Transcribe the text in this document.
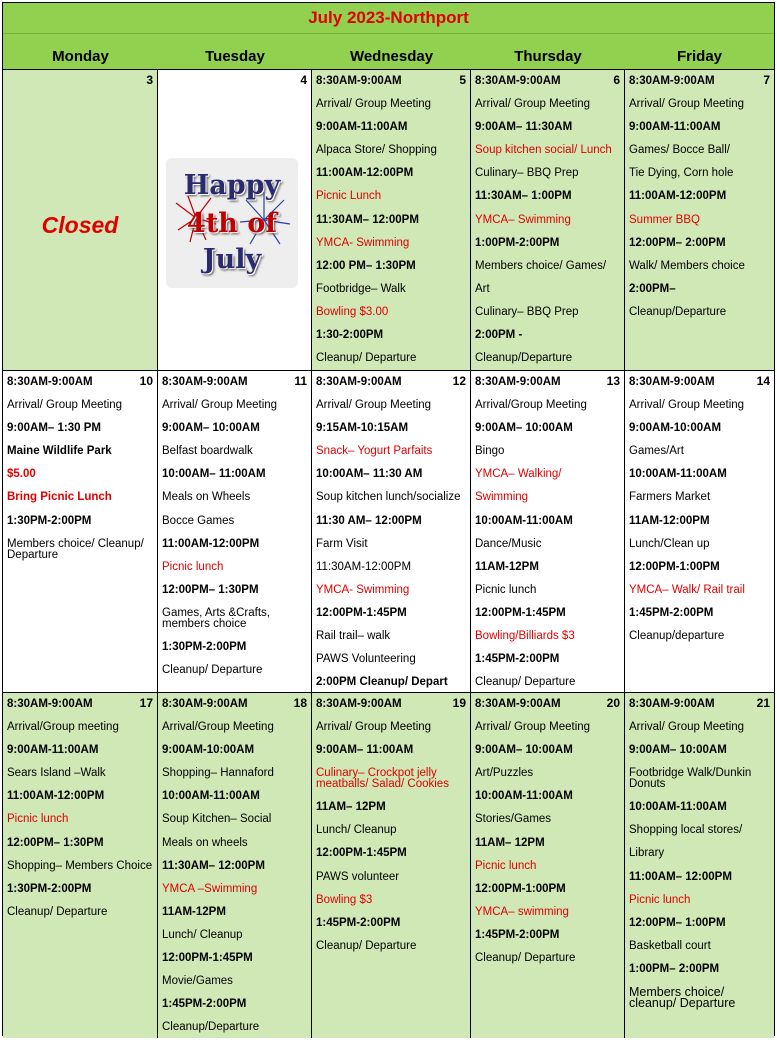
July 2023-Northport
Monday	Tuesday	Wednesday	Thursday	Friday
3
Closed
4
Happy
4th of
July
5
8:30AM-9:00AM
Arrival/ Group Meeting
9:00AM-11:00AM
Alpaca Store/ Shopping
11:00AM-12:00PM
Picnic Lunch
11:30AM– 12:00PM
YMCA- Swimming
12:00 PM– 1:30PM
Footbridge– Walk
Bowling $3.00
1:30-2:00PM
Cleanup/ Departure
6
8:30AM-9:00AM
Arrival/ Group Meeting
9:00AM– 11:30AM
Soup kitchen social/ Lunch
Culinary– BBQ Prep
11:30AM– 1:00PM
YMCA– Swimming
1:00PM-2:00PM
Members choice/ Games/
Art
Culinary– BBQ Prep
2:00PM -
Cleanup/Departure
7
8:30AM-9:00AM
Arrival/ Group Meeting
9:00AM-11:00AM
Games/ Bocce Ball/
Tie Dying, Corn hole
11:00AM-12:00PM
Summer BBQ
12:00PM– 2:00PM
Walk/ Members choice
2:00PM–
Cleanup/Departure
10
8:30AM-9:00AM
Arrival/ Group Meeting
9:00AM– 1:30 PM
Maine Wildlife Park
$5.00
Bring Picnic Lunch
1:30PM-2:00PM
Members choice/ Cleanup/ Departure
11
8:30AM-9:00AM
Arrival/ Group Meeting
9:00AM– 10:00AM
Belfast boardwalk
10:00AM– 11:00AM
Meals on Wheels
Bocce Games
11:00AM-12:00PM
Picnic lunch
12:00PM– 1:30PM
Games, Arts &Crafts, members choice
1:30PM-2:00PM
Cleanup/ Departure
12
8:30AM-9:00AM
Arrival/ Group Meeting
9:15AM-10:15AM
Snack– Yogurt Parfaits
10:00AM– 11:30 AM
Soup kitchen lunch/socialize
11:30 AM– 12:00PM
Farm Visit
11:30AM-12:00PM
YMCA- Swimming
12:00PM-1:45PM
Rail trail– walk
PAWS Volunteering
2:00PM Cleanup/ Depart
13
8:30AM-9:00AM
Arrival/Group Meeting
9:00AM– 10:00AM
Bingo
YMCA– Walking/
Swimming
10:00AM-11:00AM
Dance/Music
11AM-12PM
Picnic lunch
12:00PM-1:45PM
Bowling/Billiards $3
1:45PM-2:00PM
Cleanup/ Departure
14
8:30AM-9:00AM
Arrival/ Group Meeting
9:00AM-10:00AM
Games/Art
10:00AM-11:00AM
Farmers Market
11AM-12:00PM
Lunch/Clean up
12:00PM-1:00PM
YMCA– Walk/ Rail trail
1:45PM-2:00PM
Cleanup/departure
17
8:30AM-9:00AM
Arrival/Group meeting
9:00AM-11:00AM
Sears Island –Walk
11:00AM-12:00PM
Picnic lunch
12:00PM– 1:30PM
Shopping– Members Choice
1:30PM-2:00PM
Cleanup/ Departure
18
8:30AM-9:00AM
Arrival/Group Meeting
9:00AM-10:00AM
Shopping– Hannaford
10:00AM-11:00AM
Soup Kitchen– Social
Meals on wheels
11:30AM– 12:00PM
YMCA –Swimming
11AM-12PM
Lunch/ Cleanup
12:00PM-1:45PM
Movie/Games
1:45PM-2:00PM
Cleanup/Departure
19
8:30AM-9:00AM
Arrival/ Group Meeting
9:00AM– 11:00AM
Culinary– Crockpot jelly meatballs/ Salad/ Cookies
11AM– 12PM
Lunch/ Cleanup
12:00PM-1:45PM
PAWS volunteer
Bowling $3
1:45PM-2:00PM
Cleanup/ Departure
20
8:30AM-9:00AM
Arrival/ Group Meeting
9:00AM– 10:00AM
Art/Puzzles
10:00AM-11:00AM
Stories/Games
11AM– 12PM
Picnic lunch
12:00PM-1:00PM
YMCA– swimming
1:45PM-2:00PM
Cleanup/ Departure
21
8:30AM-9:00AM
Arrival/ Group Meeting
9:00AM– 10:00AM
Footbridge Walk/Dunkin Donuts
10:00AM-11:00AM
Shopping local stores/
Library
11:00AM– 12:00PM
Picnic lunch
12:00PM– 1:00PM
Basketball court
1:00PM– 2:00PM
Members choice/ cleanup/ Departure
